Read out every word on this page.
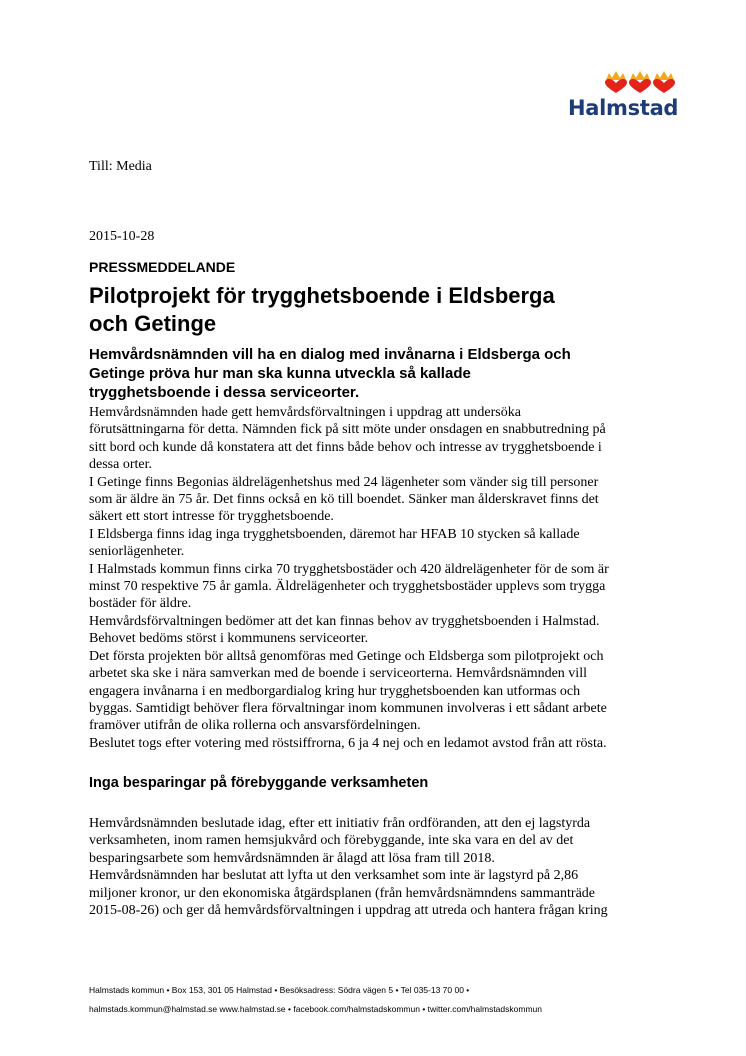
Halmstad
Till: Media
2015-10-28
PRESSMEDDELANDE
Pilotprojekt för trygghetsboende i Eldsberga
och Getinge
Hemvårdsnämnden vill ha en dialog med invånarna i Eldsberga och
Getinge pröva hur man ska kunna utveckla så kallade
trygghetsboende i dessa serviceorter.

Hemvårdsnämnden hade gett hemvårdsförvaltningen i uppdrag att undersöka

förutsättningarna för detta. Nämnden fick på sitt möte under onsdagen en snabbutredning på

sitt bord och kunde då konstatera att det finns både behov och intresse av trygghetsboende i

dessa orter.

I Getinge finns Begonias äldrelägenhetshus med 24 lägenheter som vänder sig till personer

som är äldre än 75 år. Det finns också en kö till boendet. Sänker man ålderskravet finns det

säkert ett stort intresse för trygghetsboende.

I Eldsberga finns idag inga trygghetsboenden, däremot har HFAB 10 stycken så kallade

seniorlägenheter.

I Halmstads kommun finns cirka 70 trygghetsbostäder och 420 äldrelägenheter för de som är

minst 70 respektive 75 år gamla. Äldrelägenheter och trygghetsbostäder upplevs som trygga

bostäder för äldre.

Hemvårdsförvaltningen bedömer att det kan finnas behov av trygghetsboenden i Halmstad.

Behovet bedöms störst i kommunens serviceorter.

Det första projekten bör alltså genomföras med Getinge och Eldsberga som pilotprojekt och

arbetet ska ske i nära samverkan med de boende i serviceorterna. Hemvårdsnämnden vill

engagera invånarna i en medborgardialog kring hur trygghetsboenden kan utformas och

byggas. Samtidigt behöver flera förvaltningar inom kommunen involveras i ett sådant arbete

framöver utifrån de olika rollerna och ansvarsfördelningen.

Beslutet togs efter votering med röstsiffrorna, 6 ja 4 nej och en ledamot avstod från att rösta.

Inga besparingar på förebyggande verksamheten

Hemvårdsnämnden beslutade idag, efter ett initiativ från ordföranden, att den ej lagstyrda

verksamheten, inom ramen hemsjukvård och förebyggande, inte ska vara en del av det

besparingsarbete som hemvårdsnämnden är ålagd att lösa fram till 2018.

Hemvårdsnämnden har beslutat att lyfta ut den verksamhet som inte är lagstyrd på 2,86

miljoner kronor, ur den ekonomiska åtgärdsplanen (från hemvårdsnämndens sammanträde

2015-08-26) och ger då hemvårdsförvaltningen i uppdrag att utreda och hantera frågan kring

Halmstads kommun • Box 153, 301 05 Halmstad • Besöksadress: Södra vägen 5 • Tel 035-13 70 00 •
halmstads.kommun@halmstad.se www.halmstad.se • facebook.com/halmstadskommun • twitter.com/halmstadskommun
